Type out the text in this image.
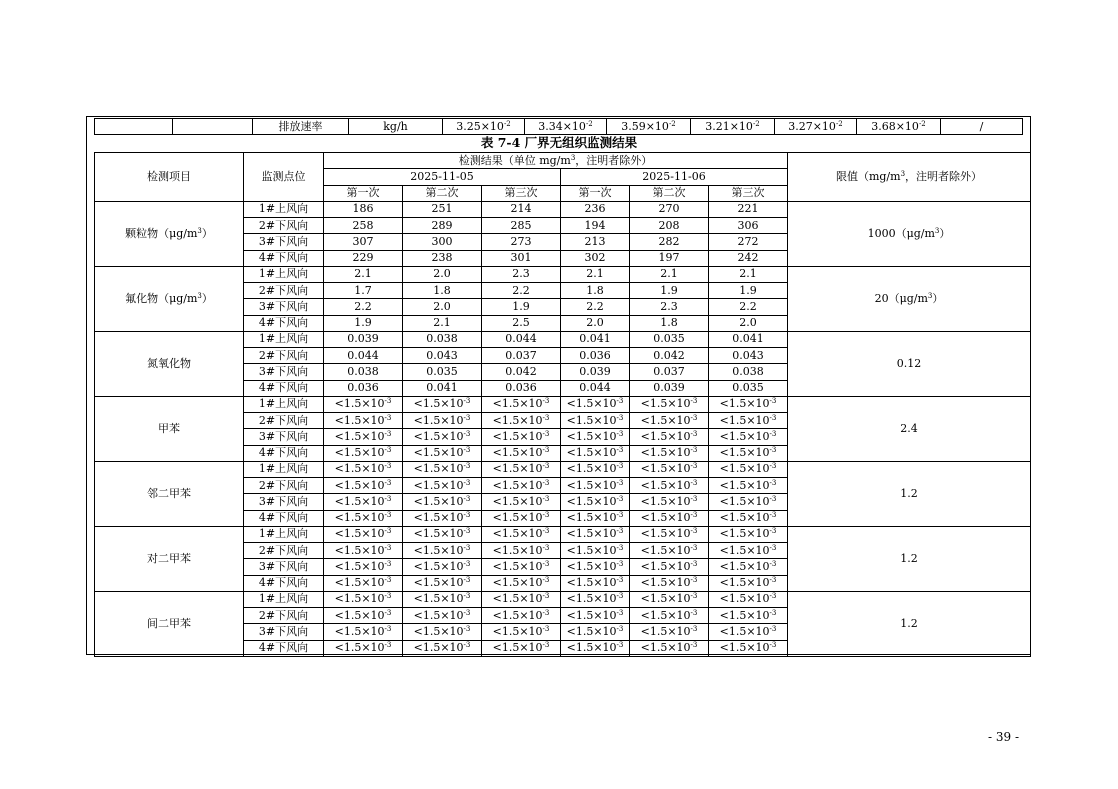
		排放速率	kg/h	$3.25\times 10^{-2}$	$3.34\times 10^{-2}$	$3.59\times 10^{-2}$	$3.21\times 10^{-2}$	$3.27\times 10^{-2}$	$3.68\times 10^{-2}$	/
表 7-4 厂界无组织监测结果
检测项目	监测点位	检测结果（单位 $mg/m^3$，注明者除外）						限值（$mg/m^3$，注明者除外）
		2025-11-05			2025-11-06			
		第一次	第二次	第三次	第一次	第二次	第三次	
颗粒物$(\mu g/m^3)$	1#上风向	186	251	214	236	270	221	$1000(\mu g/m^3)$
	2#下风向	258	289	285	194	208	306	
	3#下风向	307	300	273	213	282	272	
	4#下风向	229	238	301	302	197	242	
氟化物$(\mu g/m^3)$	1#上风向	2.1	2.0	2.3	2.1	2.1	2.1	$20(\mu g/m^3)$
	2#下风向	1.7	1.8	2.2	1.8	1.9	1.9	
	3#下风向	2.2	2.0	1.9	2.2	2.3	2.2	
	4#下风向	1.9	2.1	2.5	2.0	1.8	2.0	
氮氧化物	1#上风向	0.039	0.038	0.044	0.041	0.035	0.041	0.12
	2#下风向	0.044	0.043	0.037	0.036	0.042	0.043	
	3#下风向	0.038	0.035	0.042	0.039	0.037	0.038	
	4#下风向	0.036	0.041	0.036	0.044	0.039	0.035	
甲苯	1#上风向	$<1.5\times 10^{-3}$	$<1.5\times 10^{-3}$	$<1.5\times 10^{-3}$	$<1.5\times 10^{-3}$	$<1.5\times 10^{-3}$	$<1.5\times 10^{-3}$	2.4
	2#下风向	$<1.5\times 10^{-3}$	$<1.5\times 10^{-3}$	$<1.5\times 10^{-3}$	$<1.5\times 10^{-3}$	$<1.5\times 10^{-3}$	$<1.5\times 10^{-3}$
	3#下风向	$<1.5\times 10^{-3}$	$<1.5\times 10^{-3}$	$<1.5\times 10^{-3}$	$<1.5\times 10^{-3}$	$<1.5\times 10^{-3}$	$<1.5\times 10^{-3}$
	4#下风向	$<1.5\times 10^{-3}$	$<1.5\times 10^{-3}$	$<1.5\times 10^{-3}$	$<1.5\times 10^{-3}$	$<1.5\times 10^{-3}$	$<1.5\times 10^{-3}$
邻二甲苯	1#上风向	$<1.5\times 10^{-3}$	$<1.5\times 10^{-3}$	$<1.5\times 10^{-3}$	$<1.5\times 10^{-3}$	$<1.5\times 10^{-3}$	$<1.5\times 10^{-3}$	1.2
	2#下风向	$<1.5\times 10^{-3}$	$<1.5\times 10^{-3}$	$<1.5\times 10^{-3}$	$<1.5\times 10^{-3}$	$<1.5\times 10^{-3}$	$<1.5\times 10^{-3}$
	3#下风向	$<1.5\times 10^{-3}$	$<1.5\times 10^{-3}$	$<1.5\times 10^{-3}$	$<1.5\times 10^{-3}$	$<1.5\times 10^{-3}$	$<1.5\times 10^{-3}$
	4#下风向	$<1.5\times 10^{-3}$	$<1.5\times 10^{-3}$	$<1.5\times 10^{-3}$	$<1.5\times 10^{-3}$	$<1.5\times 10^{-3}$	$<1.5\times 10^{-3}$
对二甲苯	1#上风向	$<1.5\times 10^{-3}$	$<1.5\times 10^{-3}$	$<1.5\times 10^{-3}$	$<1.5\times 10^{-3}$	$<1.5\times 10^{-3}$	$<1.5\times 10^{-3}$	1.2
	2#下风向	$<1.5\times 10^{-3}$	$<1.5\times 10^{-3}$	$<1.5\times 10^{-3}$	$<1.5\times 10^{-3}$	$<1.5\times 10^{-3}$	$<1.5\times 10^{-3}$
	3#下风向	$<1.5\times 10^{-3}$	$<1.5\times 10^{-3}$	$<1.5\times 10^{-3}$	$<1.5\times 10^{-3}$	$<1.5\times 10^{-3}$	$<1.5\times 10^{-3}$
	4#下风向	$<1.5\times 10^{-3}$	$<1.5\times 10^{-3}$	$<1.5\times 10^{-3}$	$<1.5\times 10^{-3}$	$<1.5\times 10^{-3}$	$<1.5\times 10^{-3}$
间二甲苯	1#上风向	$<1.5\times 10^{-3}$	$<1.5\times 10^{-3}$	$<1.5\times 10^{-3}$	$<1.5\times 10^{-3}$	$<1.5\times 10^{-3}$	$<1.5\times 10^{-3}$	1.2
	2#下风向	$<1.5\times 10^{-3}$	$<1.5\times 10^{-3}$	$<1.5\times 10^{-3}$	$<1.5\times 10^{-3}$	$<1.5\times 10^{-3}$	$<1.5\times 10^{-3}$
	3#下风向	$<1.5\times 10^{-3}$	$<1.5\times 10^{-3}$	$<1.5\times 10^{-3}$	$<1.5\times 10^{-3}$	$<1.5\times 10^{-3}$	$<1.5\times 10^{-3}$
	4#下风向	$<1.5\times 10^{-3}$	$<1.5\times 10^{-3}$	$<1.5\times 10^{-3}$	$<1.5\times 10^{-3}$	$<1.5\times 10^{-3}$	$<1.5\times 10^{-3}$
- 39 -
